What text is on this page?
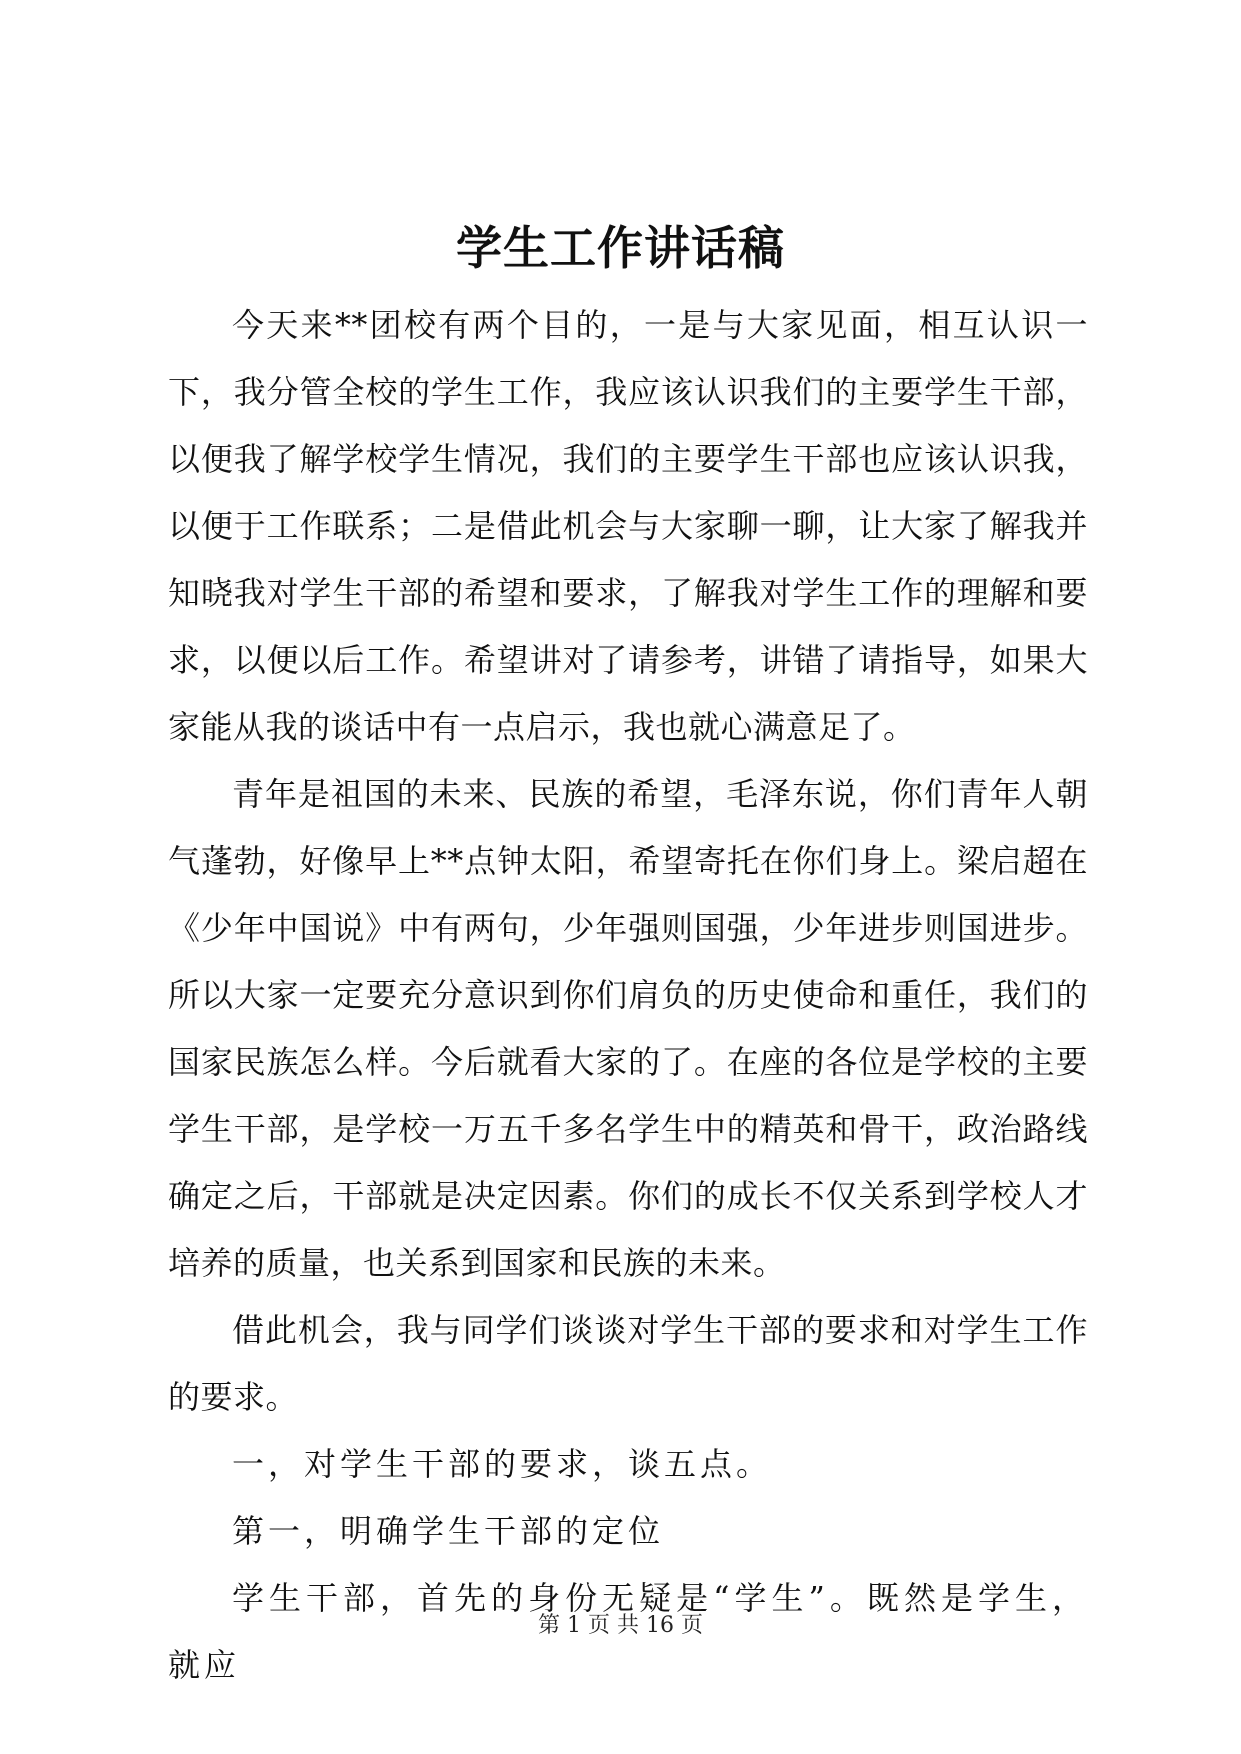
学生工作讲话稿

今天来**团校有两个目的，一是与大家见面，相互认识一下，我分管全校的学生工作，我应该认识我们的主要学生干部，以便我了解学校学生情况，我们的主要学生干部也应该认识我，以便于工作联系；二是借此机会与大家聊一聊，让大家了解我并知晓我对学生干部的希望和要求，了解我对学生工作的理解和要求，以便以后工作。希望讲对了请参考，讲错了请指导，如果大家能从我的谈话中有一点启示，我也就心满意足了。

青年是祖国的未来、民族的希望，毛泽东说，你们青年人朝气蓬勃，好像早上**点钟太阳，希望寄托在你们身上。梁启超在《少年中国说》中有两句，少年强则国强，少年进步则国进步。所以大家一定要充分意识到你们肩负的历史使命和重任，我们的国家民族怎么样。今后就看大家的了。在座的各位是学校的主要学生干部，是学校一万五千多名学生中的精英和骨干，政治路线确定之后，干部就是决定因素。你们的成长不仅关系到学校人才培养的质量，也关系到国家和民族的未来。

借此机会，我与同学们谈谈对学生干部的要求和对学生工作的要求。

一，对学生干部的要求，谈五点。

第一，明确学生干部的定位

学生干部，首先的身份无疑是“学生”。既然是学生，就应

第 1 页 共 16 页
